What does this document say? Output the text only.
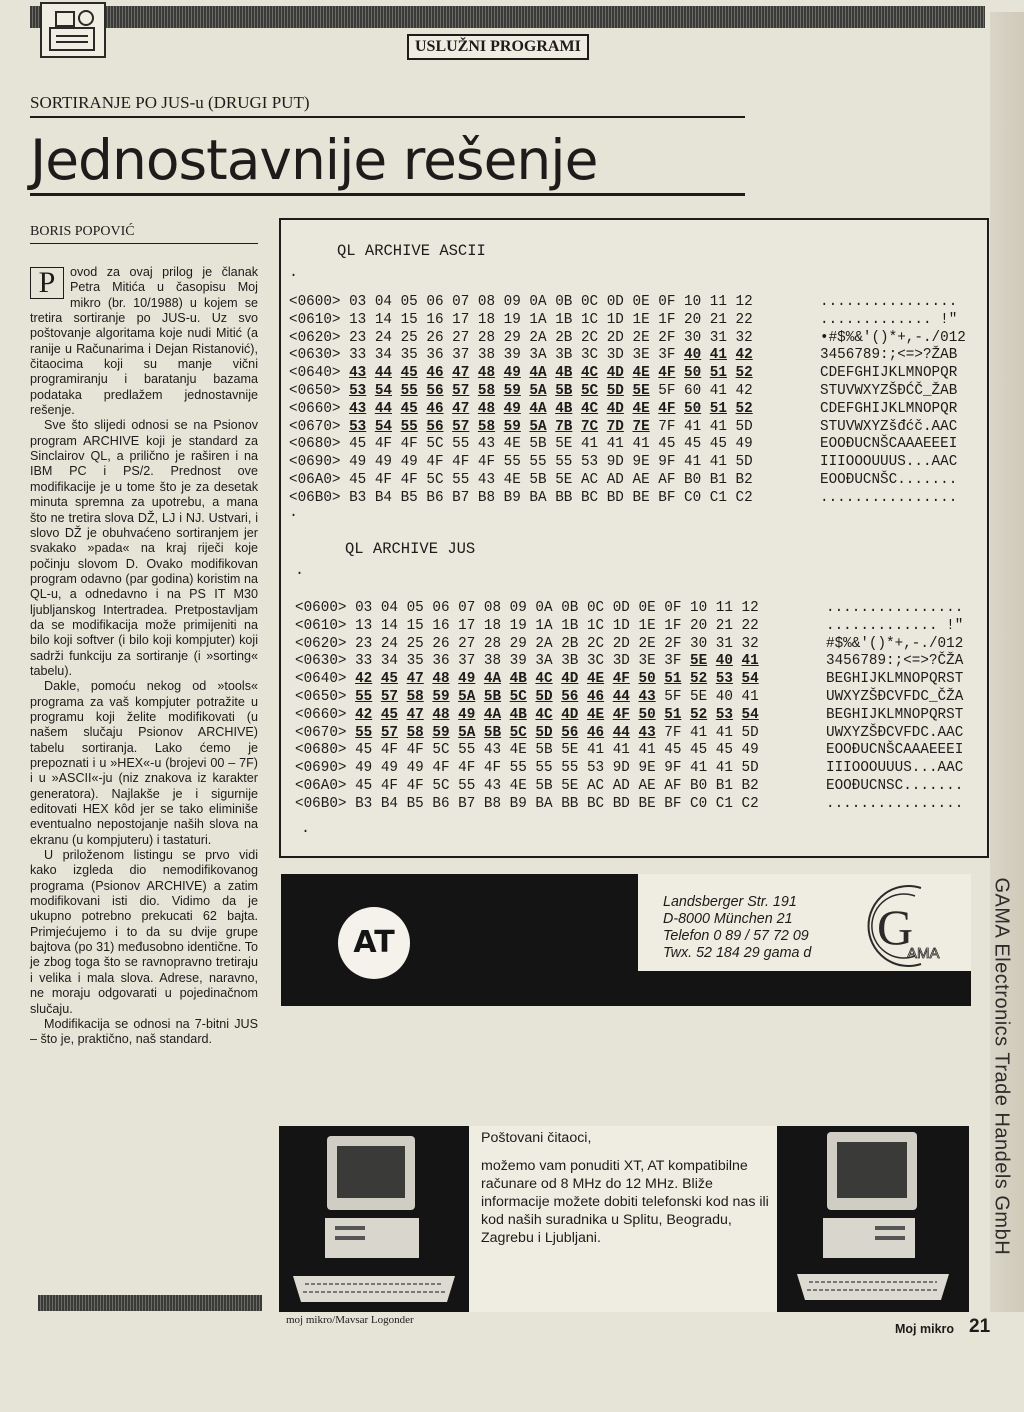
USLUŽNI PROGRAMI
SORTIRANJE PO JUS-u (DRUGI PUT)
Jednostavnije rešenje
BORIS POPOVIĆ

P	ovod za ovaj prilog je članak Petra Mitića u časopisu Moj mikro (br. 10/1988) u kojem se tretira sortiranje po JUS-u. Uz svo poštovanje algoritama koje nudi Mitić (a ranije u Računarima i Dejan Ristanović), čitaocima koji su manje vični programiranju i baratanju bazama podataka predlažem jednostavnije rešenje.

Sve što slijedi odnosi se na Psionov program ARCHIVE koji je standard za Sinclairov QL, a prilično je raširen i na IBM PC i PS/2. Prednost ove modifikacije je u tome što je za desetak minuta spremna za upotrebu, a mana što ne tretira slova DŽ, LJ i NJ. Ustvari, i slovo DŽ je obuhvaćeno sortiranjem jer svakako »pada« na kraj riječi koje počinju slovom D. Ovako modifikovan program odavno (par godina) koristim na QL-u, a odnedavno i na PS IT M30 ljubljanskog Intertradea. Pretpostavljam da se modifikacija može primijeniti na bilo koji softver (i bilo koji kompjuter) koji sadrži funkciju za sortiranje (i »sorting« tabelu).

Dakle, pomoću nekog od »tools« programa za vaš kompjuter potražite u programu koji želite modifikovati (u našem slučaju Psionov ARCHIVE) tabelu sortiranja. Lako ćemo je prepoznati i u »HEX«-u (brojevi 00 – 7F) i u »ASCII«-ju (niz znakova iz karakter generatora). Najlakše je i sigurnije editovati HEX kôd jer se tako eliminiše eventualno nepostojanje naših slova na ekranu (u kompjuteru) i tastaturi.

U priloženom listingu se prvo vidi kako izgleda dio nemodifikovanog programa (Psionov ARCHIVE) a zatim modifikovani isti dio. Vidimo da je ukupno potrebno prekucati 62 bajta. Primjećujemo i to da su dvije grupe bajtova (po 31) međusobno identične. To je zbog toga što se ravnopravno tretiraju i velika i mala slova. Adrese, naravno, ne moraju odgovarati u pojedinačnom slučaju.

Modifikacija se odnosi na 7-bitni JUS – što je, praktično, naš standard.

QL ARCHIVE ASCII
.
<0600> 03 04 05 06 07 08 09 0A 0B 0C 0D 0E 0F 10 11 12
<0610> 13 14 15 16 17 18 19 1A 1B 1C 1D 1E 1F 20 21 22
<0620> 23 24 25 26 27 28 29 2A 2B 2C 2D 2E 2F 30 31 32
<0630> 33 34 35 36 37 38 39 3A 3B 3C 3D 3E 3F 40 41 42
<0640> 43 44 45 46 47 48 49 4A 4B 4C 4D 4E 4F 50 51 52
<0650> 53 54 55 56 57 58 59 5A 5B 5C 5D 5E 5F 60 41 42
<0660> 43 44 45 46 47 48 49 4A 4B 4C 4D 4E 4F 50 51 52
<0670> 53 54 55 56 57 58 59 5A 7B 7C 7D 7E 7F 41 41 5D
<0680> 45 4F 4F 5C 55 43 4E 5B 5E 41 41 41 45 45 45 49
<0690> 49 49 49 4F 4F 4F 55 55 55 53 9D 9E 9F 41 41 5D
<06A0> 45 4F 4F 5C 55 43 4E 5B 5E AC AD AE AF B0 B1 B2
<06B0> B3 B4 B5 B6 B7 B8 B9 BA BB BC BD BE BF C0 C1 C2
................
............. !"
•#$%&'()*+,-./012
3456789:;<=>?ŽAB
CDEFGHIJKLMNOPQR
STUVWXYZŠĐĆČ_ŽAB
CDEFGHIJKLMNOPQR
STUVWXYZšđćč.AAC
EOOĐUCNŠCAAAEEEI
IIIOOOUUUS...AAC
EOOĐUCNŠC.......
................
.
QL ARCHIVE JUS
.
<0600> 03 04 05 06 07 08 09 0A 0B 0C 0D 0E 0F 10 11 12
<0610> 13 14 15 16 17 18 19 1A 1B 1C 1D 1E 1F 20 21 22
<0620> 23 24 25 26 27 28 29 2A 2B 2C 2D 2E 2F 30 31 32
<0630> 33 34 35 36 37 38 39 3A 3B 3C 3D 3E 3F 5E 40 41
<0640> 42 45 47 48 49 4A 4B 4C 4D 4E 4F 50 51 52 53 54
<0650> 55 57 58 59 5A 5B 5C 5D 56 46 44 43 5F 5E 40 41
<0660> 42 45 47 48 49 4A 4B 4C 4D 4E 4F 50 51 52 53 54
<0670> 55 57 58 59 5A 5B 5C 5D 56 46 44 43 7F 41 41 5D
<0680> 45 4F 4F 5C 55 43 4E 5B 5E 41 41 41 45 45 45 49
<0690> 49 49 49 4F 4F 4F 55 55 55 53 9D 9E 9F 41 41 5D
<06A0> 45 4F 4F 5C 55 43 4E 5B 5E AC AD AE AF B0 B1 B2
<06B0> B3 B4 B5 B6 B7 B8 B9 BA BB BC BD BE BF C0 C1 C2
................
............. !"
#$%&'()*+,-./012
3456789:;<=>?ČŽA
BEGHIJKLMNOPQRST
UWXYZŠĐCVFDC_ČŽA
BEGHIJKLMNOPQRST
UWXYZŠĐCVFDC.AAC
EOOĐUCNŠCAAAEEEI
IIIOOOUUUS...AAC
EOOĐUCNSC.......
................
.
AT
Landsberger Str. 191
D-8000 München 21
Telefon 0 89 / 57 72 09
Twx. 52 184 29 gama d G
AMA	GAMA Electronics Trade Handels GmbH

Poštovani čitaoci,

možemo vam ponuditi XT, AT kompatibilne računare od 8 MHz do 12 MHz. Bliže informacije možete dobiti telefonski kod nas ili kod naših suradnika u Splitu, Beogradu, Zagrebu i Ljubljani.

moj mikro/Mavsar Logonder
Moj mikro 21
